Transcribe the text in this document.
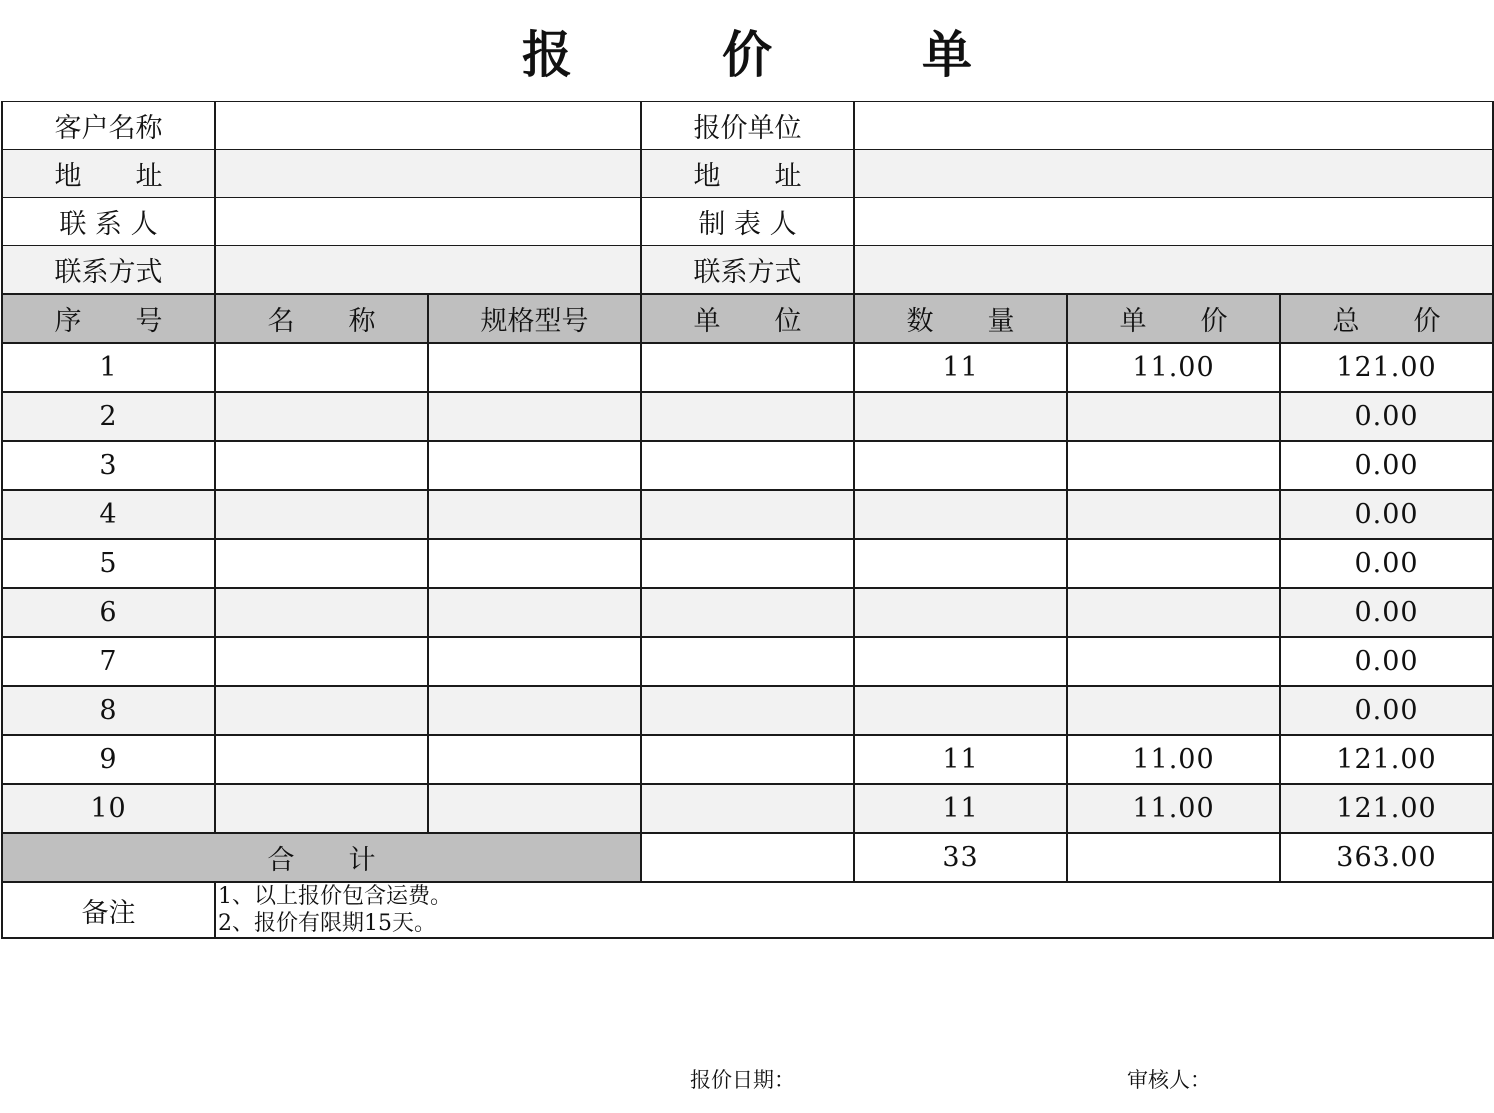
报	价	单
客户名称			报价单位			
地　　址			地　　址			
联 系 人			制 表 人			
联系方式			联系方式			
序　　号	名　　称	规格型号	单　　位	数　　量	单　　价	总　　价
1				11	11.00	121.00
2						0.00
3						0.00
4						0.00
5						0.00
6						0.00
7						0.00
8						0.00
9				11	11.00	121.00
10				11	11.00	121.00
合　　计				33		363.00
备注	1、以上报价包含运费。
2、报价有限期15天。					
报价日期：	审核人：
